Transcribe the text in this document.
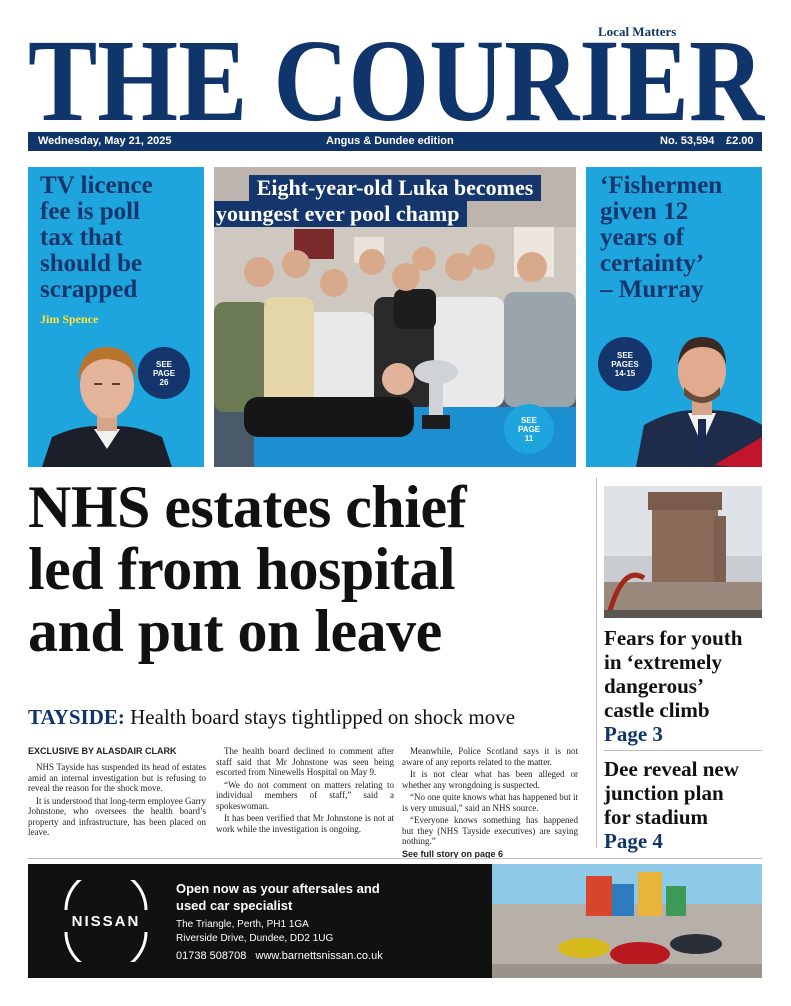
Local Matters
THE COURIER
Wednesday, May 21, 2025	Angus & Dundee edition	No. 53,594 £2.00
TV licence
fee is poll
tax that
should be
scrapped
Jim Spence
SEE
PAGE
26
Eight-year-old Luka becomes
youngest ever pool champ
SEE
PAGE
11
‘Fishermen
given 12
years of
certainty’
– Murray
SEE
PAGES
14-15
NHS estates chief
led from hospital
and put on leave
TAYSIDE: Health board stays tightlipped on shock move

EXCLUSIVE BY ALASDAIR CLARK

NHS Tayside has suspended its head of estates amid an internal investigation but is refusing to reveal the reason for the shock move.

It is understood that long-term employee Garry Johnstone, who oversees the health board’s property and infrastructure, has been placed on leave.

The health board declined to comment after staff said that Mr Johnstone was seen being escorted from Ninewells Hospital on May 9.

“We do not comment on matters relating to individual members of staff,” said a spokeswoman.

It has been verified that Mr Johnstone is not at work while the investigation is ongoing.

Meanwhile, Police Scotland says it is not aware of any reports related to the matter.

It is not clear what has been alleged or whether any wrongdoing is suspected.

“No one quite knows what has happened but it is very unusual,” said an NHS source.

“Everyone knows something has happened but they (NHS Tayside executives) are saying nothing.”

See full story on page 6

Fears for youth
in ‘extremely
dangerous’
castle climb
Page 3
Dee reveal new
junction plan
for stadium
Page 4
NISSAN
Open now as your aftersales and
used car specialist
The Triangle, Perth, PH1 1GA
Riverside Drive, Dundee, DD2 1UG
01738 508708 www.barnettsnissan.co.uk
